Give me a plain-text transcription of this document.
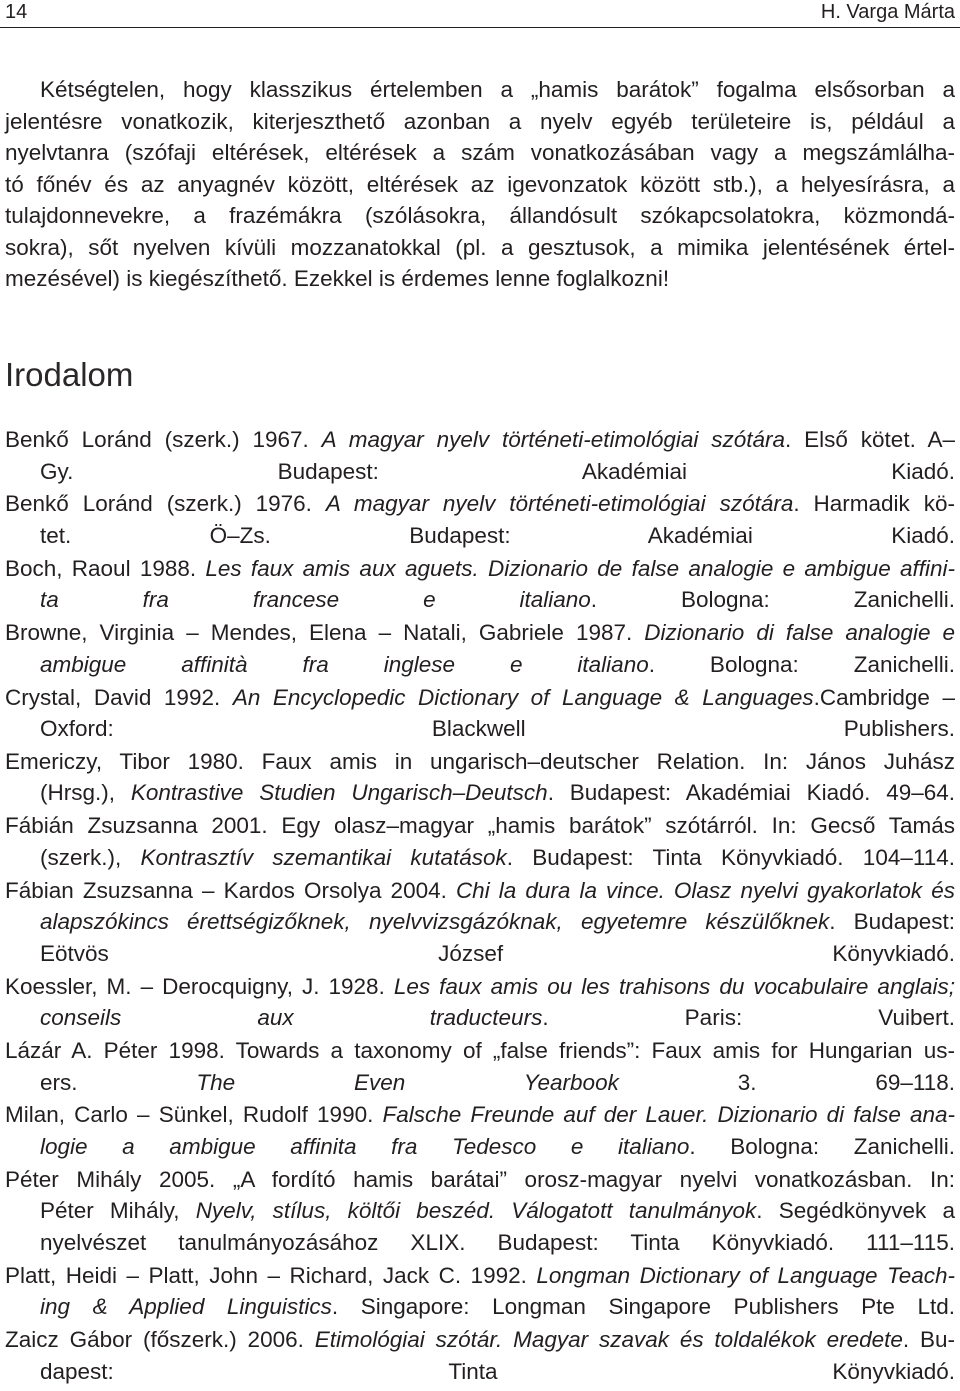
14	H. Varga Márta
Kétségtelen, hogy klasszikus értelemben a „hamis barátok” fogalma elsősorban a
jelentésre vonatkozik, kiterjeszthető azonban a nyelv egyéb területeire is, például a
nyelvtanra (szófaji eltérések, eltérések a szám vonatkozásában vagy a megszámlálha-
tó főnév és az anyagnév között, eltérések az igevonzatok között stb.), a helyesírásra, a
tulajdonnevekre, a frazémákra (szólásokra, állandósult szókapcsolatokra, közmondá-
sokra), sőt nyelven kívüli mozzanatokkal (pl. a gesztusok, a mimika jelentésének értel-
mezésével) is kiegészíthető. Ezekkel is érdemes lenne foglalkozni!
Irodalom
Benkő Loránd (szerk.) 1967. A magyar nyelv történeti-etimológiai szótára. Első kötet. A–
Gy. Budapest: Akadémiai Kiadó.
Benkő Loránd (szerk.) 1976. A magyar nyelv történeti-etimológiai szótára. Harmadik kö-
tet. Ö–Zs. Budapest: Akadémiai Kiadó.
Boch, Raoul 1988. Les faux amis aux aguets. Dizionario de false analogie e ambigue affini-
ta fra francese e italiano. Bologna: Zanichelli.
Browne, Virginia – Mendes, Elena – Natali, Gabriele 1987. Dizionario di false analogie e
ambigue affinità fra inglese e italiano. Bologna: Zanichelli.
Crystal, David 1992. An Encyclopedic Dictionary of Language & Languages.Cambridge –
Oxford: Blackwell Publishers.
Emericzy, Tibor 1980. Faux amis in ungarisch–deutscher Relation. In: János Juhász
(Hrsg.), Kontrastive Studien Ungarisch–Deutsch. Budapest: Akadémiai Kiadó. 49–64.
Fábián Zsuzsanna 2001. Egy olasz–magyar „hamis barátok” szótárról. In: Gecső Tamás
(szerk.), Kontrasztív szemantikai kutatások. Budapest: Tinta Könyvkiadó. 104–114.
Fábian Zsuzsanna – Kardos Orsolya 2004. Chi la dura la vince. Olasz nyelvi gyakorlatok és
alapszókincs érettségizőknek, nyelvvizsgázóknak, egyetemre készülőknek. Budapest:
Eötvös József Könyvkiadó.
Koessler, M. – Derocquigny, J. 1928. Les faux amis ou les trahisons du vocabulaire anglais;
conseils aux traducteurs. Paris: Vuibert.
Lázár A. Péter 1998. Towards a taxonomy of „false friends”: Faux amis for Hungarian us-
ers. The Even Yearbook 3. 69–118.
Milan, Carlo – Sünkel, Rudolf 1990. Falsche Freunde auf der Lauer. Dizionario di false ana-
logie a ambigue affinita fra Tedesco e italiano. Bologna: Zanichelli.
Péter Mihály 2005. „A fordító hamis barátai” orosz-magyar nyelvi vonatkozásban. In:
Péter Mihály, Nyelv, stílus, költői beszéd. Válogatott tanulmányok. Segédkönyvek a
nyelvészet tanulmányozásához XLIX. Budapest: Tinta Könyvkiadó. 111–115.
Platt, Heidi – Platt, John – Richard, Jack C. 1992. Longman Dictionary of Language Teach-
ing & Applied Linguistics. Singapore: Longman Singapore Publishers Pte Ltd.
Zaicz Gábor (főszerk.) 2006. Etimológiai szótár. Magyar szavak és toldalékok eredete. Bu-
dapest: Tinta Könyvkiadó.
